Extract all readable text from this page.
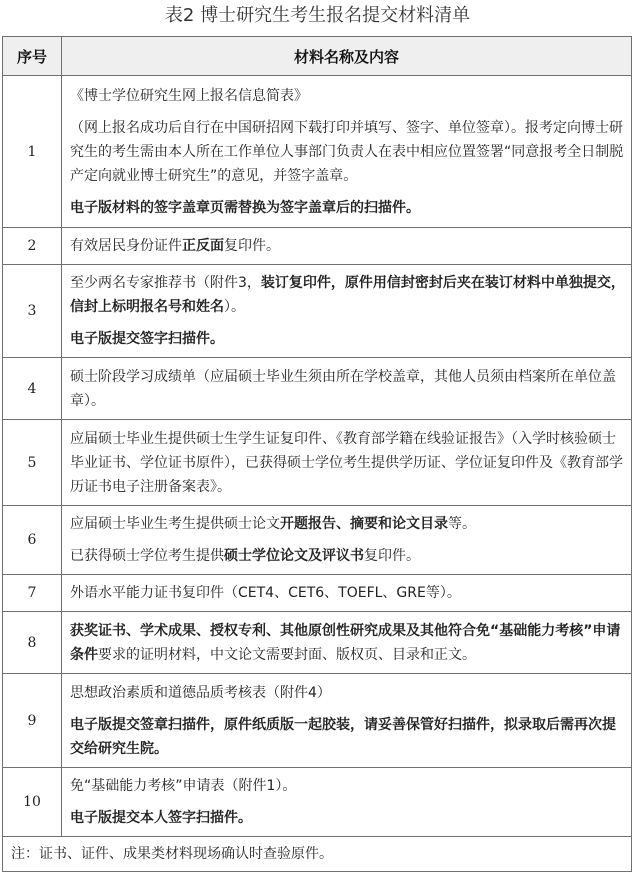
表2 博士研究生考生报名提交材料清单
序号	材料名称及内容
1	《博士学位研究生网上报名信息简表》

（网上报名成功后自行在中国研招网下载打印并填写、签字、单位签章）。报考定向博士研究生的考生需由本人所在工作单位人事部门负责人在表中相应位置签署“同意报考全日制脱产定向就业博士研究生”的意见，并签字盖章。

电子版材料的签字盖章页需替换为签字盖章后的扫描件。

2	有效居民身份证件正反面复印件。
3	至少两名专家推荐书（附件3，装订复印件，原件用信封密封后夹在装订材料中单独提交，信封上标明报名号和姓名）。

电子版提交签字扫描件。

4	硕士阶段学习成绩单（应届硕士毕业生须由所在学校盖章，其他人员须由档案所在单位盖章）。
5	应届硕士毕业生提供硕士生学生证复印件、《教育部学籍在线验证报告》（入学时核验硕士毕业证书、学位证书原件），已获得硕士学位考生提供学历证、学位证复印件及《教育部学历证书电子注册备案表》。
6	应届硕士毕业生考生提供硕士论文开题报告、摘要和论文目录等。

已获得硕士学位考生提供硕士学位论文及评议书复印件。

7	外语水平能力证书复印件（CET4、CET6、TOEFL、GRE等）。
8	获奖证书、学术成果、授权专利、其他原创性研究成果及其他符合免“基础能力考核”申请条件要求的证明材料，中文论文需要封面、版权页、目录和正文。
9	思想政治素质和道德品质考核表（附件4）

电子版提交签章扫描件，原件纸质版一起胶装，请妥善保管好扫描件，拟录取后需再次提交给研究生院。

10	免“基础能力考核”申请表（附件1）。

电子版提交本人签字扫描件。

注：证书、证件、成果类材料现场确认时查验原件。	
